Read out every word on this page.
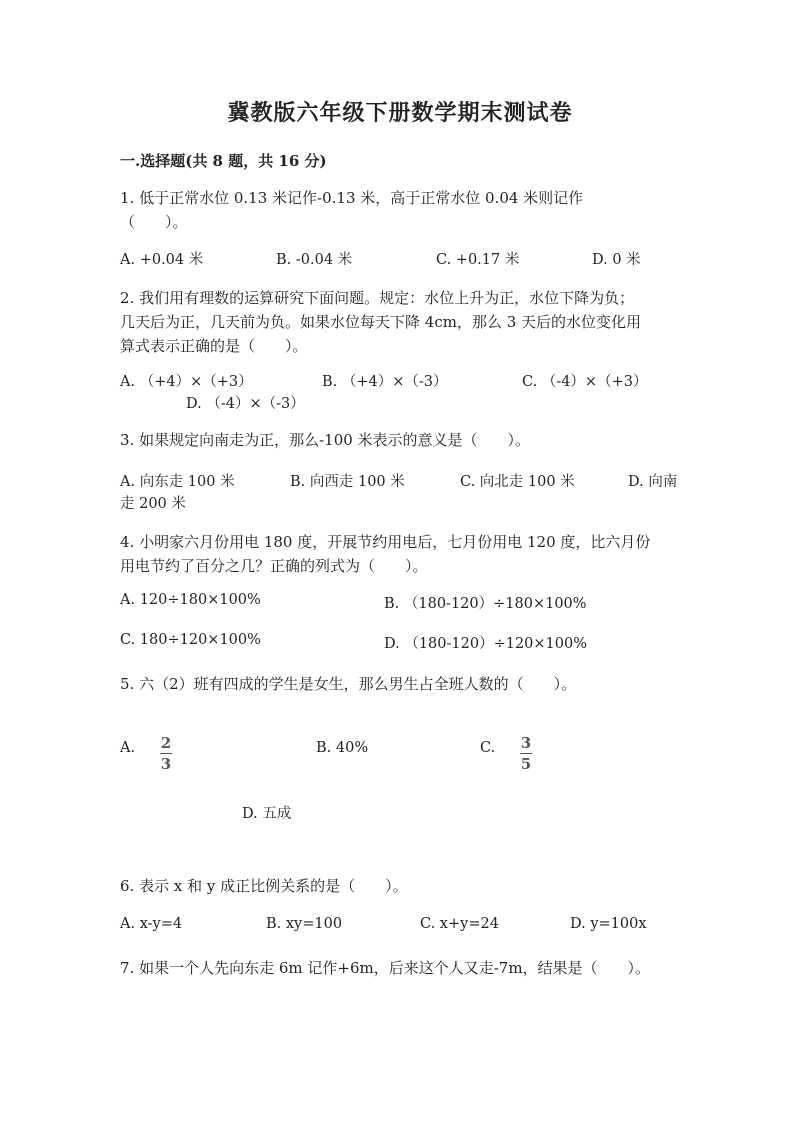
冀教版六年级下册数学期末测试卷
一.选择题(共 8 题，共 16 分)
1. 低于正常水位 0.13 米记作-0.13 米，高于正常水位 0.04 米则记作
（　　）。
A. +0.04 米	B. -0.04 米	C. +0.17 米	D. 0 米
2. 我们用有理数的运算研究下面问题。规定：水位上升为正，水位下降为负；
几天后为正，几天前为负。如果水位每天下降 4cm，那么 3 天后的水位变化用
算式表示正确的是（　　）。
A. （+4）×（+3）	B. （+4）×（-3）	C. （-4）×（+3）
D. （-4）×（-3）
3. 如果规定向南走为正，那么-100 米表示的意义是（　　）。
A. 向东走 100 米	B. 向西走 100 米	C. 向北走 100 米	D. 向南
走 200 米
4. 小明家六月份用电 180 度，开展节约用电后，七月份用电 120 度，比六月份
用电节约了百分之几？正确的列式为（　　）。
A. 120÷180×100%	B. （180-120）÷180×100%
C. 180÷120×100%	D. （180-120）÷120×100%
5. 六（2）班有四成的学生是女生，那么男生占全班人数的（　　）。
A. 2
3
B. 40%	C. 3
5
D. 五成
6. 表示 x 和 y 成正比例关系的是（　　）。
A. x-y=4	B. xy=100	C. x+y=24	D. y=100x
7. 如果一个人先向东走 6m 记作+6m，后来这个人又走-7m，结果是（　　）。
